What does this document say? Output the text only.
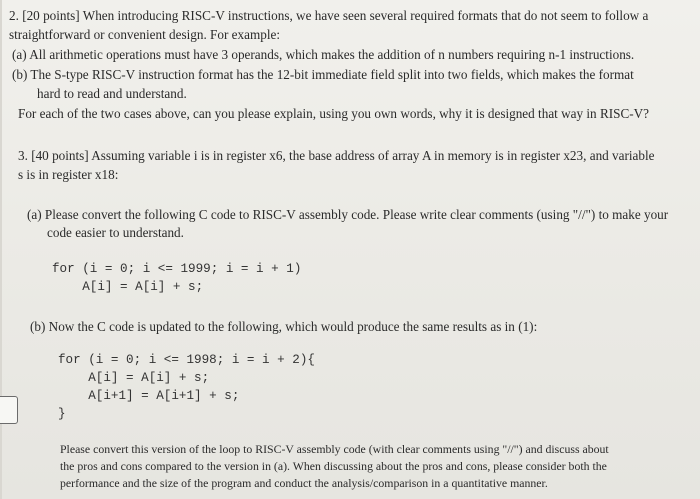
2. [20 points] When introducing RISC-V instructions, we have seen several required formats that do not seem to follow a
straightforward or convenient design. For example:
(a) All arithmetic operations must have 3 operands, which makes the addition of n numbers requiring n-1 instructions.
(b) The S-type RISC-V instruction format has the 12-bit immediate field split into two fields, which makes the format
hard to read and understand.
For each of the two cases above, can you please explain, using you own words, why it is designed that way in RISC-V?
3. [40 points] Assuming variable i is in register x6, the base address of array A in memory is in register x23, and variable
s is in register x18:
(a) Please convert the following C code to RISC-V assembly code. Please write clear comments (using "//") to make your
code easier to understand.
for (i = 0; i <= 1999; i = i + 1)
A[i] = A[i] + s;
(b) Now the C code is updated to the following, which would produce the same results as in (1):
for (i = 0; i <= 1998; i = i + 2){
A[i] = A[i] + s;
A[i+1] = A[i+1] + s;
}
Please convert this version of the loop to RISC-V assembly code (with clear comments using "//") and discuss about
the pros and cons compared to the version in (a). When discussing about the pros and cons, please consider both the
performance and the size of the program and conduct the analysis/comparison in a quantitative manner.
